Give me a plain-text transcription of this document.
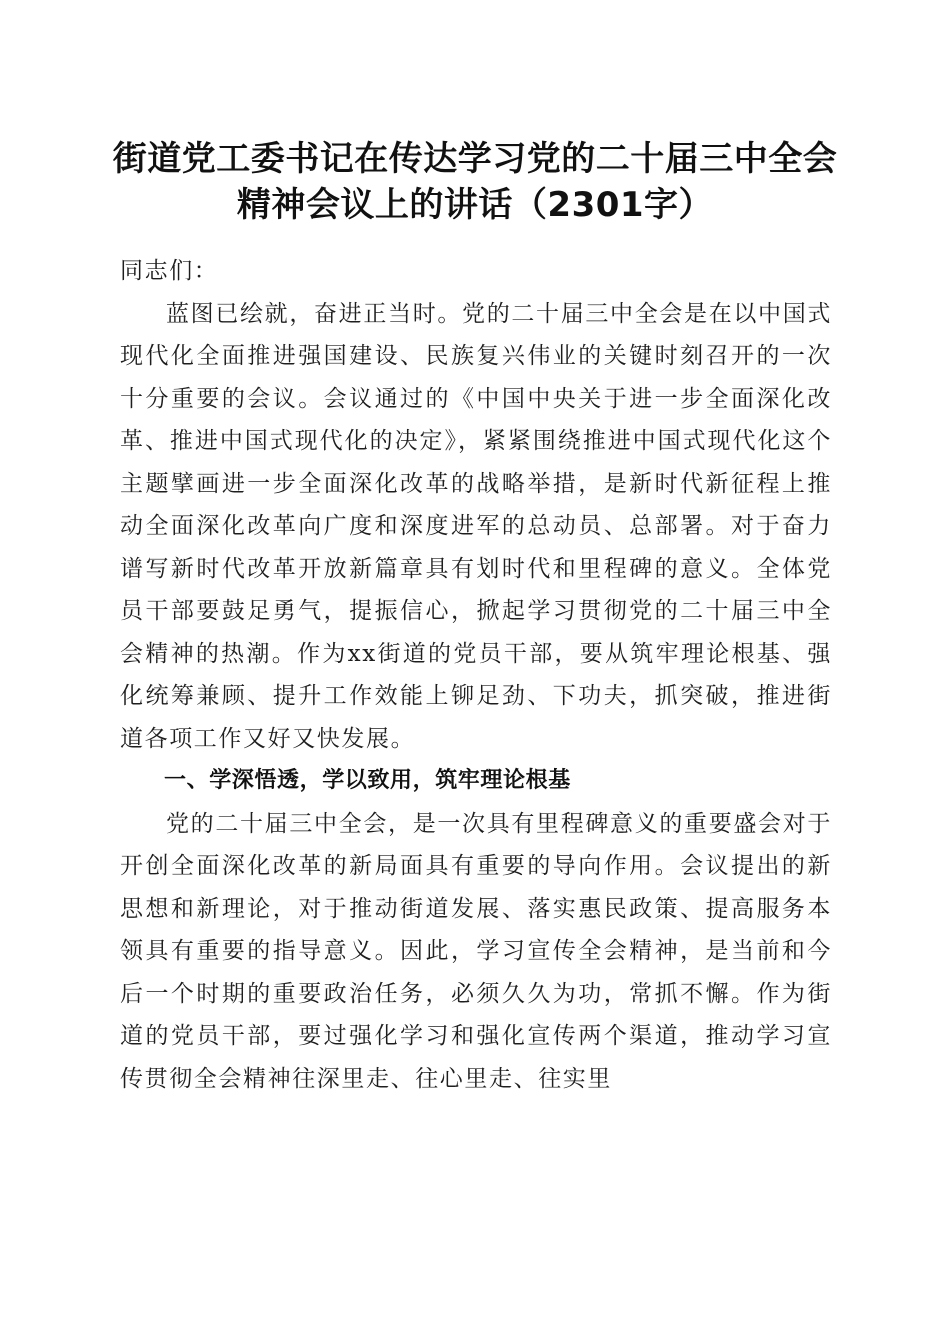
街道党工委书记在传达学习党的二十届三中全会精神会议上的讲话（2301字）

同志们：

蓝图已绘就，奋进正当时。党的二十届三中全会是在以中国式现代化全面推进强国建设、民族复兴伟业的关键时刻召开的一次十分重要的会议。会议通过的《中国中央关于进一步全面深化改革、推进中国式现代化的决定》，紧紧围绕推进中国式现代化这个主题擘画进一步全面深化改革的战略举措，是新时代新征程上推动全面深化改革向广度和深度进军的总动员、总部署。对于奋力谱写新时代改革开放新篇章具有划时代和里程碑的意义。全体党员干部要鼓足勇气，提振信心，掀起学习贯彻党的二十届三中全会精神的热潮。作为xx街道的党员干部，要从筑牢理论根基、强化统筹兼顾、提升工作效能上铆足劲、下功夫，抓突破，推进街道各项工作又好又快发展。

一、学深悟透，学以致用，筑牢理论根基

党的二十届三中全会，是一次具有里程碑意义的重要盛会对于开创全面深化改革的新局面具有重要的导向作用。会议提出的新思想和新理论，对于推动街道发展、落实惠民政策、提高服务本领具有重要的指导意义。因此，学习宣传全会精神，是当前和今后一个时期的重要政治任务，必须久久为功，常抓不懈。作为街道的党员干部，要过强化学习和强化宣传两个渠道，推动学习宣传贯彻全会精神往深里走、往心里走、往实里
